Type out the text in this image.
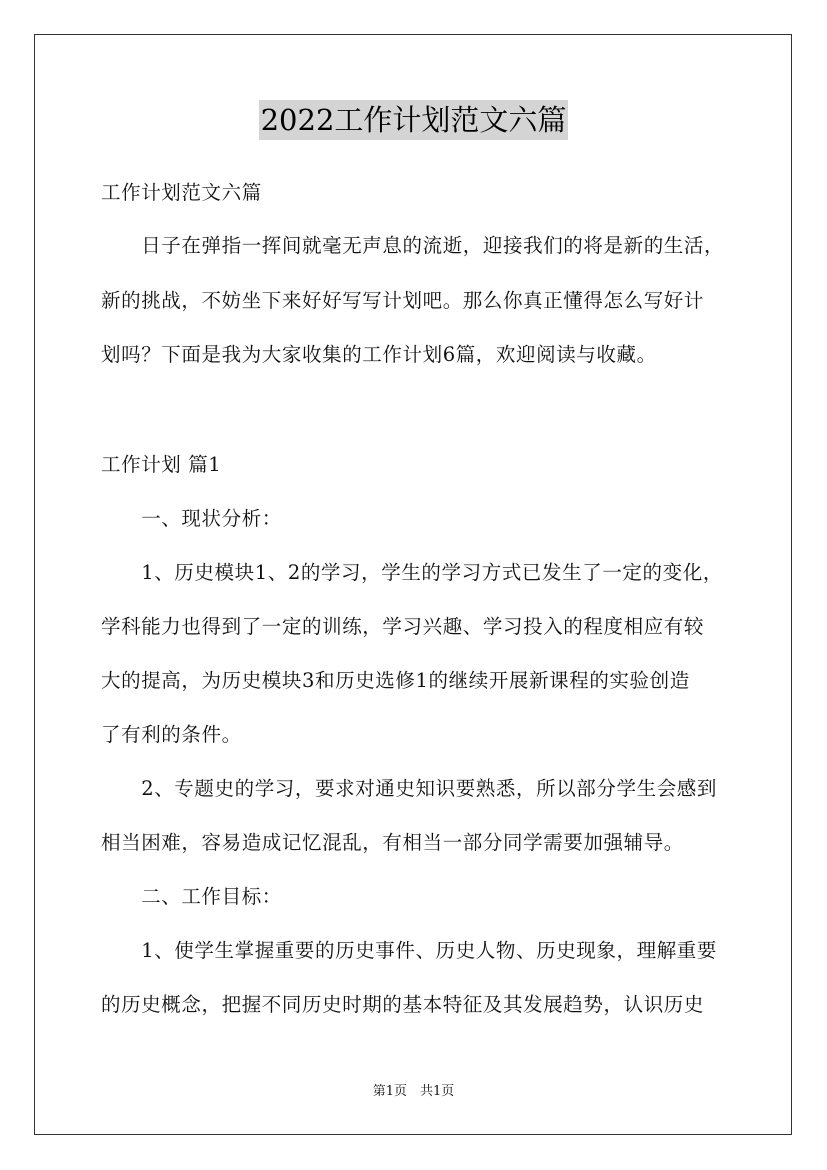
2022工作计划范文六篇
工作计划范文六篇
　　日子在弹指一挥间就毫无声息的流逝，迎接我们的将是新的生活，
新的挑战，不妨坐下来好好写写计划吧。那么你真正懂得怎么写好计
划吗？下面是我为大家收集的工作计划6篇，欢迎阅读与收藏。
工作计划 篇1
　　一、现状分析：
　　1、历史模块1、2的学习，学生的学习方式已发生了一定的变化，
学科能力也得到了一定的训练，学习兴趣、学习投入的程度相应有较
大的提高，为历史模块3和历史选修1的继续开展新课程的实验创造
了有利的条件。
　　2、专题史的学习，要求对通史知识要熟悉，所以部分学生会感到
相当困难，容易造成记忆混乱，有相当一部分同学需要加强辅导。
　　二、工作目标：
　　1、使学生掌握重要的历史事件、历史人物、历史现象，理解重要
的历史概念，把握不同历史时期的基本特征及其发展趋势，认识历史
第1页　共1页
